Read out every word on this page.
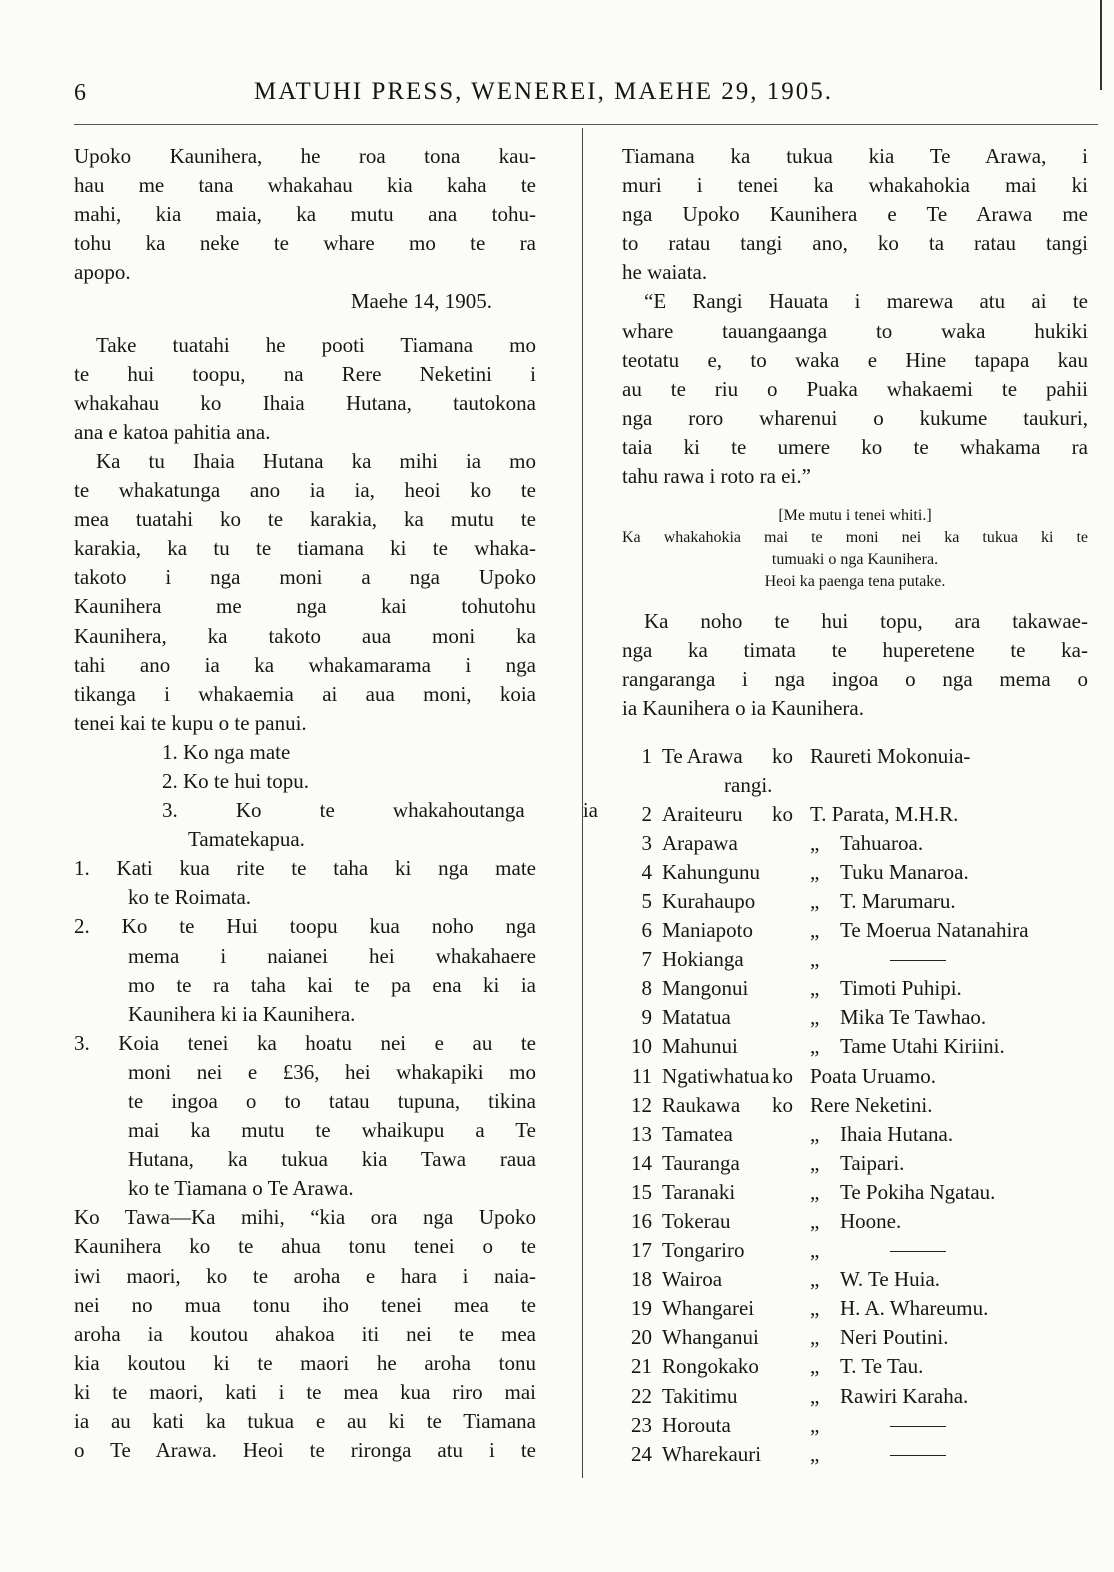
6	MATUHI PRESS, WENEREI, MAEHE 29, 1905.
Upoko Kaunihera, he roa tona kau-
hau me tana whakahau kia kaha te
mahi, kia maia, ka mutu ana tohu-
tohu ka neke te whare mo te ra
apopo.
Maehe 14, 1905.
Take tuatahi he pooti Tiamana mo
te hui toopu, na Rere Neketini i
whakahau ko Ihaia Hutana, tautokona
ana e katoa pahitia ana.
Ka tu Ihaia Hutana ka mihi ia mo
te whakatunga ano ia ia, heoi ko te
mea tuatahi ko te karakia, ka mutu te
karakia, ka tu te tiamana ki te whaka-
takoto i nga moni a nga Upoko
Kaunihera me nga kai tohutohu
Kaunihera, ka takoto aua moni ka
tahi ano ia ka whakamarama i nga
tikanga i whakaemia ai aua moni, koia
tenei kai te kupu o te panui.
1. Ko nga mate
2. Ko te hui topu.
3. Ko te whakahoutanga ia
Tamatekapua.
1. Kati kua rite te taha ki nga mate
ko te Roimata.
2. Ko te Hui toopu kua noho nga
mema i naianei hei whakahaere
mo te ra taha kai te pa ena ki ia
Kaunihera ki ia Kaunihera.
3. Koia tenei ka hoatu nei e au te
moni nei e £36, hei whakapiki mo
te ingoa o to tatau tupuna, tikina
mai ka mutu te whaikupu a Te
Hutana, ka tukua kia Tawa raua
ko te Tiamana o Te Arawa.
Ko Tawa—Ka mihi, “kia ora nga Upoko
Kaunihera ko te ahua tonu tenei o te
iwi maori, ko te aroha e hara i naia-
nei no mua tonu iho tenei mea te
aroha ia koutou ahakoa iti nei te mea
kia koutou ki te maori he aroha tonu
ki te maori, kati i te mea kua riro mai
ia au kati ka tukua e au ki te Tiamana
o Te Arawa. Heoi te rironga atu i te
Tiamana ka tukua kia Te Arawa, i
muri i tenei ka whakahokia mai ki
nga Upoko Kaunihera e Te Arawa me
to ratau tangi ano, ko ta ratau tangi
he waiata.
“E Rangi Hauata i marewa atu ai te
whare tauangaanga to waka hukiki
teotatu e, to waka e Hine tapapa kau
au te riu o Puaka whakaemi te pahii
nga roro wharenui o kukume taukuri,
taia ki te umere ko te whakama ra
tahu rawa i roto ra ei.”
[Me mutu i tenei whiti.]
Ka whakahokia mai te moni nei ka tukua ki te
tumuaki o nga Kaunihera.
Heoi ka paenga tena putake.
Ka noho te hui topu, ara takawae-
nga ka timata te huperetene te ka-
rangaranga i nga ingoa o nga mema o
ia Kaunihera o ia Kaunihera.
1 Te Arawa ko Raureti Mokonuia-
rangi.
2 Araiteuru ko T. Parata, M.H.R.
3 Arapawa	„ Tahuaroa.
4 Kahungunu „ Tuku Manaroa.
5 Kurahaupo	„ T. Marumaru.
6 Maniapoto	„ Te Moerua Natanahira
7 Hokianga	„
8 Mangonui	„ Timoti Puhipi.
9 Matatua	„ Mika Te Tawhao.
10 Mahunui	„ Tame Utahi Kiriini.
11 Ngatiwhatua ko Poata Uruamo.
12 Raukawa ko Rere Neketini.
13 Tamatea	„ Ihaia Hutana.
14 Tauranga	„ Taipari.
15 Taranaki	„ Te Pokiha Ngatau.
16 Tokerau	„ Hoone.
17 Tongariro	„
18 Wairoa	„ W. Te Huia.
19 Whangarei	„ H. A. Whareumu.
20 Whanganui „ Neri Poutini.
21 Rongokako „ T. Te Tau.
22 Takitimu	„ Rawiri Karaha.
23 Horouta	„
24 Wharekauri „
